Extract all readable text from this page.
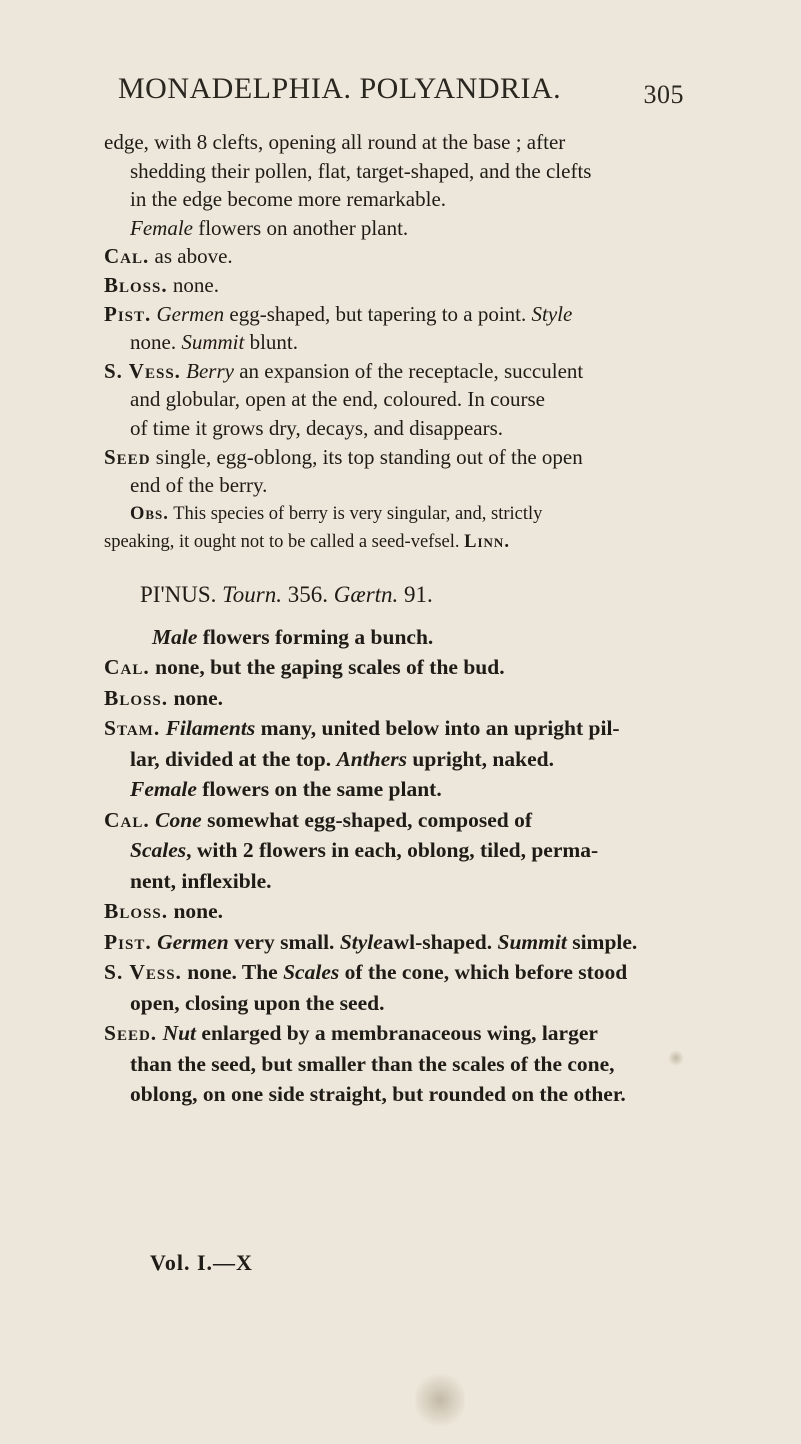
MONADELPHIA. POLYANDRIA.	305
edge, with 8 clefts, opening all round at the base ; after
shedding their pollen, flat, target-shaped, and the clefts
in the edge become more remarkable.
Female flowers on another plant.
Cal. as above.
Bloss. none.
Pist. Germen egg-shaped, but tapering to a point. Style
none. Summit blunt.
S. Vess. Berry an expansion of the receptacle, succulent
and globular, open at the end, coloured. In course
of time it grows dry, decays, and disappears.
Seed single, egg-oblong, its top standing out of the open
end of the berry.
Obs. This species of berry is very singular, and, strictly
speaking, it ought not to be called a seed-vefsel. Linn.
PI'NUS. Tourn. 356. Gærtn. 91.
Male flowers forming a bunch.
Cal. none, but the gaping scales of the bud.
Bloss. none.
Stam. Filaments many, united below into an upright pil-
lar, divided at the top. Anthers upright, naked.
Female flowers on the same plant.
Cal. Cone somewhat egg-shaped, composed of
Scales, with 2 flowers in each, oblong, tiled, perma-
nent, inflexible.
Bloss. none.
Pist. Germen very small. Styleawl-shaped. Summit simple.
S. Vess. none. The Scales of the cone, which before stood
open, closing upon the seed.
Seed. Nut enlarged by a membranaceous wing, larger
than the seed, but smaller than the scales of the cone,
oblong, on one side straight, but rounded on the other.
Vol. I.—X
